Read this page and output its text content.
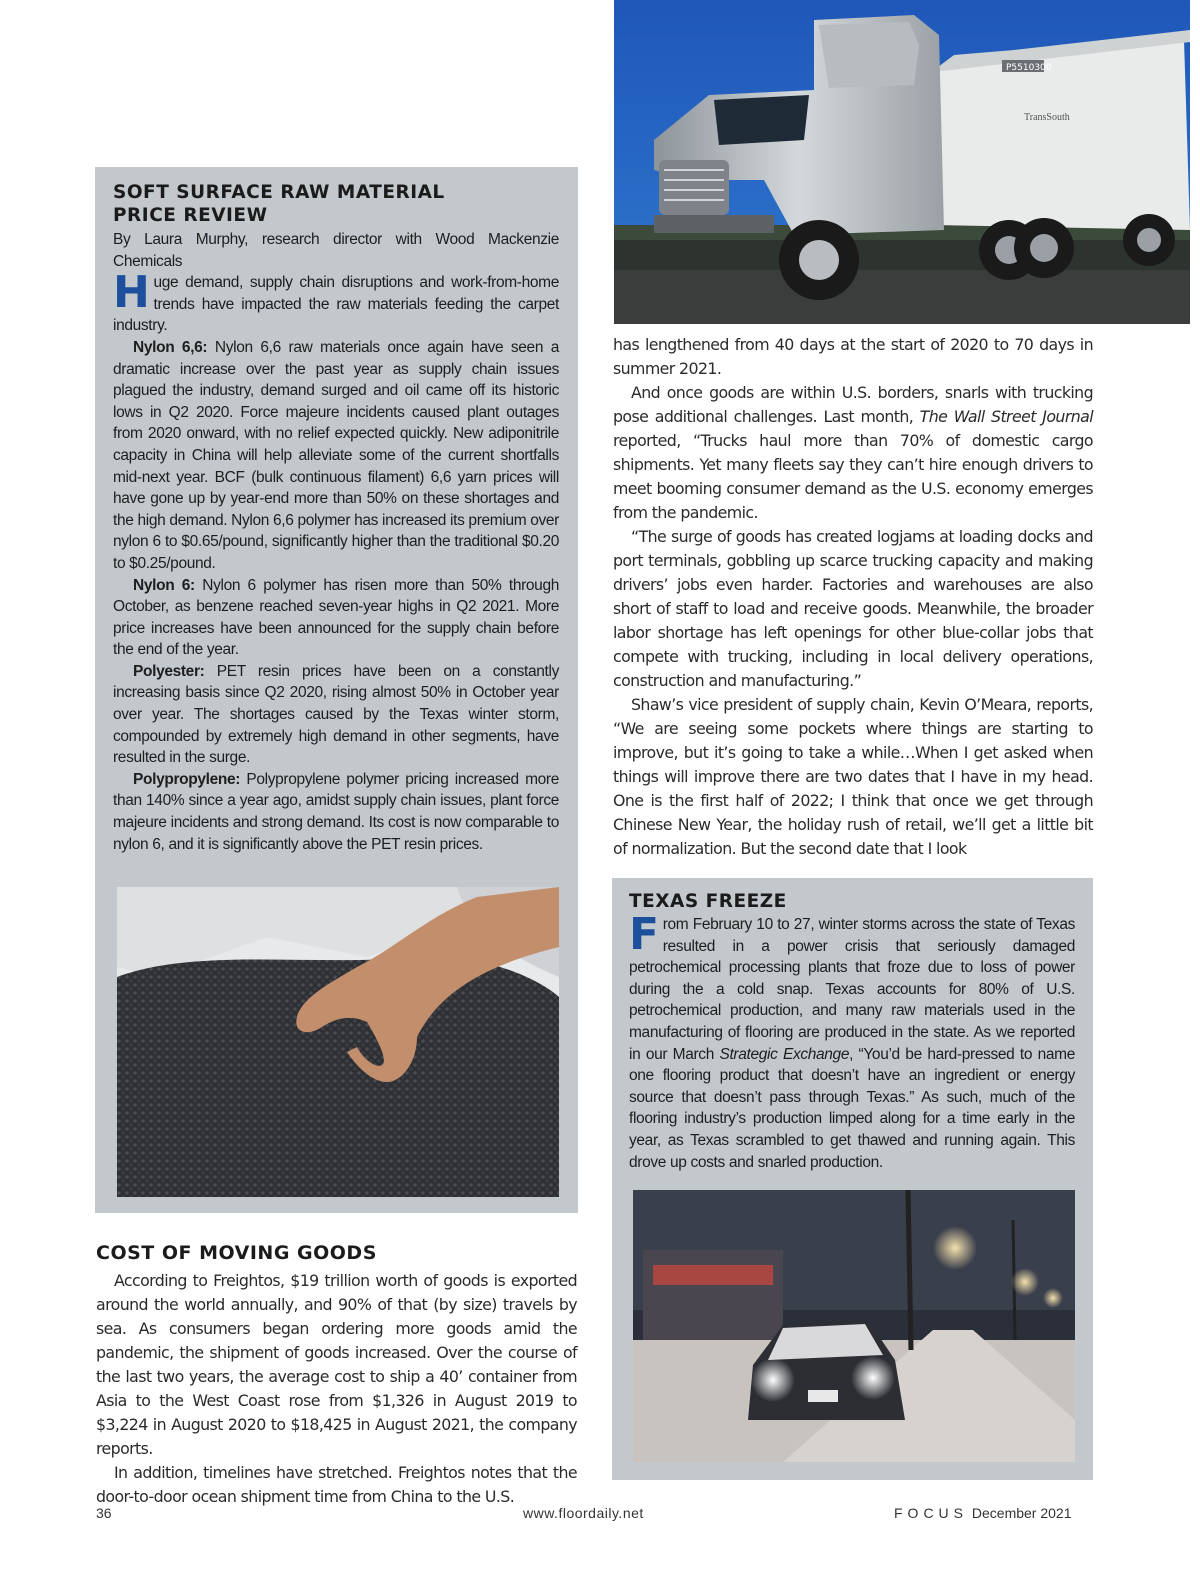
P5510300
TransSouth
SOFT SURFACE RAW MATERIAL PRICE REVIEW

By Laura Murphy, research director with Wood Mackenzie Chemicals

Huge demand, supply chain disruptions and work-from-home trends have impacted the raw materials feeding the carpet industry.

Nylon 6,6: Nylon 6,6 raw materials once again have seen a dramatic increase over the past year as supply chain issues plagued the industry, demand surged and oil came off its historic lows in Q2 2020. Force majeure incidents caused plant outages from 2020 onward, with no relief expected quickly. New adiponitrile capacity in China will help alleviate some of the current shortfalls mid-next year. BCF (bulk continuous filament) 6,6 yarn prices will have gone up by year-end more than 50% on these shortages and the high demand. Nylon 6,6 polymer has increased its premium over nylon 6 to $0.65/pound, significantly higher than the traditional $0.20 to $0.25/pound.

Nylon 6: Nylon 6 polymer has risen more than 50% through October, as benzene reached seven-year highs in Q2 2021. More price increases have been announced for the supply chain before the end of the year.

Polyester: PET resin prices have been on a constantly increasing basis since Q2 2020, rising almost 50% in October year over year. The shortages caused by the Texas winter storm, compounded by extremely high demand in other segments, have resulted in the surge.

Polypropylene: Polypropylene polymer pricing increased more than 140% since a year ago, amidst supply chain issues, plant force majeure incidents and strong demand. Its cost is now comparable to nylon 6, and it is significantly above the PET resin prices.

COST OF MOVING GOODS

According to Freightos, $19 trillion worth of goods is exported around the world annually, and 90% of that (by size) travels by sea. As consumers began ordering more goods amid the pandemic, the shipment of goods increased. Over the course of the last two years, the average cost to ship a 40’ container from Asia to the West Coast rose from $1,326 in August 2019 to $3,224 in August 2020 to $18,425 in August 2021, the company reports.

In addition, timelines have stretched. Freightos notes that the door-to-door ocean shipment time from China to the U.S.

has lengthened from 40 days at the start of 2020 to 70 days in summer 2021.

And once goods are within U.S. borders, snarls with trucking pose additional challenges. Last month, The Wall Street Journal reported, “Trucks haul more than 70% of domestic cargo shipments. Yet many fleets say they can’t hire enough drivers to meet booming consumer demand as the U.S. economy emerges from the pandemic.

“The surge of goods has created logjams at loading docks and port terminals, gobbling up scarce trucking capacity and making drivers’ jobs even harder. Factories and warehouses are also short of staff to load and receive goods. Meanwhile, the broader labor shortage has left openings for other blue-collar jobs that compete with trucking, including in local delivery operations, construction and manufacturing.”

Shaw’s vice president of supply chain, Kevin O’Meara, reports, “We are seeing some pockets where things are starting to improve, but it’s going to take a while…When I get asked when things will improve there are two dates that I have in my head. One is the first half of 2022; I think that once we get through Chinese New Year, the holiday rush of retail, we’ll get a little bit of normalization. But the second date that I look

TEXAS FREEZE

From February 10 to 27, winter storms across the state of Texas resulted in a power crisis that seriously damaged petrochemical processing plants that froze due to loss of power during the a cold snap. Texas accounts for 80% of U.S. petrochemical production, and many raw materials used in the manufacturing of flooring are produced in the state. As we reported in our March Strategic Exchange, “You’d be hard-pressed to name one flooring product that doesn’t have an ingredient or energy source that doesn’t pass through Texas.” As such, much of the flooring industry’s production limped along for a time early in the year, as Texas scrambled to get thawed and running again. This drove up costs and snarled production.

36	www.floordaily.net	FOCUS December 2021
